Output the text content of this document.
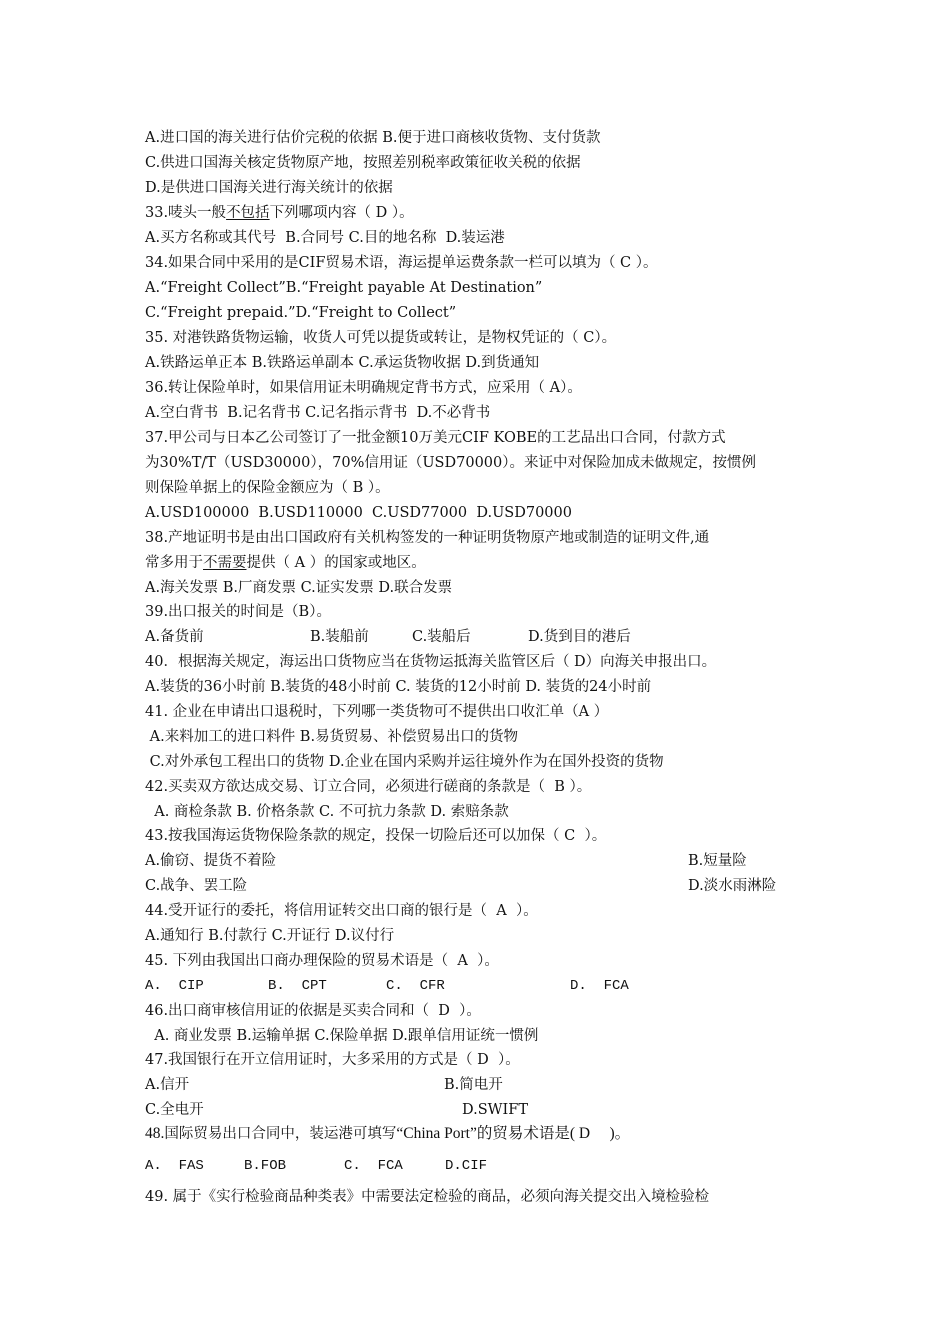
A.进口国的海关进行估价完税的依据 B.便于进口商核收货物、支付货款
C.供进口国海关核定货物原产地，按照差别税率政策征收关税的依据
D.是供进口国海关进行海关统计的依据
A.买方名称或其代号  B.合同号 C.目的地名称  D.装运港
34.如果合同中采用的是CIF贸易术语，海运提单运费条款一栏可以填为（ C ）。
A.“Freight Collect”B.“Freight payable At Destination”
C.“Freight prepaid.”D.“Freight to Collect”
35. 对港铁路货物运输，收货人可凭以提货或转让，是物权凭证的（ C）。
A.铁路运单正本 B.铁路运单副本 C.承运货物收据 D.到货通知
36.转让保险单时，如果信用证未明确规定背书方式，应采用（ A）。
A.空白背书  B.记名背书 C.记名指示背书  D.不必背书
37.甲公司与日本乙公司签订了一批金额10万美元CIF KOBE的工艺品出口合同，付款方式
为30%T/T（USD30000），70%信用证（USD70000）。来证中对保险加成未做规定，按惯例
则保险单据上的保险金额应为（ B ）。
A.USD100000  B.USD110000  C.USD77000  D.USD70000
38.产地证明书是由出口国政府有关机构签发的一种证明货物原产地或制造的证明文件,通
A.海关发票 B.厂商发票 C.证实发票 D.联合发票
39.出口报关的时间是（B）。
40．根据海关规定，海运出口货物应当在货物运抵海关监管区后（ D）向海关申报出口。
A.装货的36小时前 B.装货的48小时前 C. 装货的12小时前 D. 装货的24小时前
41. 企业在申请出口退税时，下列哪一类货物可不提供出口收汇单（A ）
A.来料加工的进口料件 B.易货贸易、补偿贸易出口的货物
C.对外承包工程出口的货物 D.企业在国内采购并运往境外作为在国外投资的货物
42.买卖双方欲达成交易、订立合同，必须进行磋商的条款是（  B ）。
A. 商检条款 B. 价格条款 C. 不可抗力条款 D. 索赔条款
43.按我国海运货物保险条款的规定，投保一切险后还可以加保（ C  ）。
44.受开证行的委托，将信用证转交出口商的银行是（  A  ）。
A.通知行 B.付款行 C.开证行 D.议付行
45. 下列由我国出口商办理保险的贸易术语是（  A  ）。
46.出口商审核信用证的依据是买卖合同和（  D  ）。
A. 商业发票 B.运输单据 C.保险单据 D.跟单信用证统一惯例
47.我国银行在开立信用证时，大多采用的方式是（ D  ）。
49. 属于《实行检验商品种类表》中需要法定检验的商品，必须向海关提交出入境检验检
33.唛头一般不包括下列哪项内容（ D ）。
常多用于不需要提供（ A ）的国家或地区。
A.备货前	B.装船前	C.装船后	D.货到目的港后
A.偷窃、提货不着险	B.短量险
C.战争、罢工险	D.淡水雨淋险
A.  CIP	B.  CPT	C.  CFR	D.  FCA
A.信开	B.简电开
C.全电开	D.SWIFT
48.国际贸易出口合同中，装运港可填写“China Port”的贸易术语是( D     )。
A.  FAS	B.FOB	C.  FCA	D.CIF
